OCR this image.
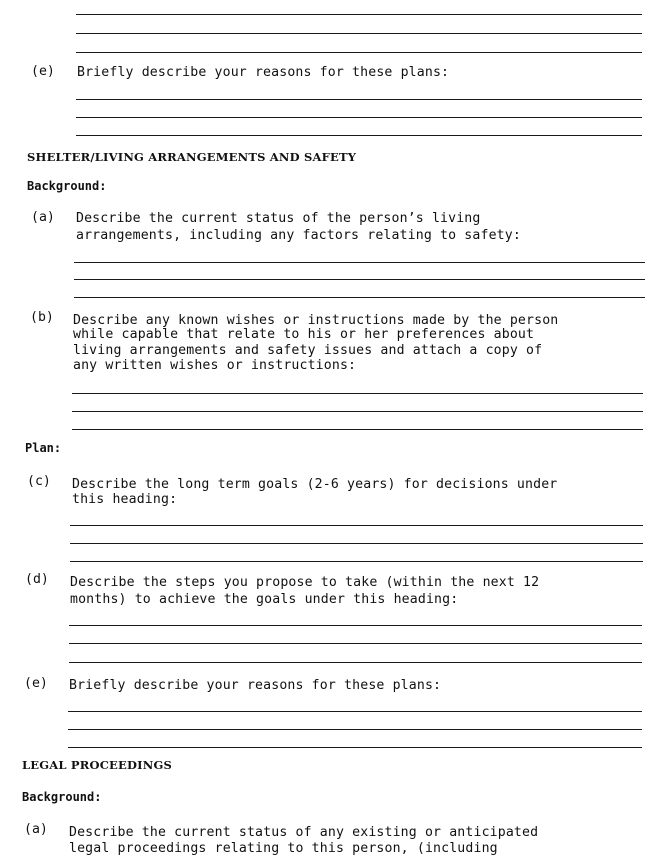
(e) Briefly describe your reasons for these plans:
SHELTER/LIVING ARRANGEMENTS AND SAFETY
Background:
(a) Describe the current status of the person’s living
arrangements, including any factors relating to safety:
(b) Describe any known wishes or instructions made by the person
while capable that relate to his or her preferences about
living arrangements and safety issues and attach a copy of
any written wishes or instructions:
Plan:
(c) Describe the long term goals (2-6 years) for decisions under
this heading:
(d) Describe the steps you propose to take (within the next 12
months) to achieve the goals under this heading:
(e) Briefly describe your reasons for these plans:
LEGAL PROCEEDINGS
Background:
(a) Describe the current status of any existing or anticipated
legal proceedings relating to this person, (including
